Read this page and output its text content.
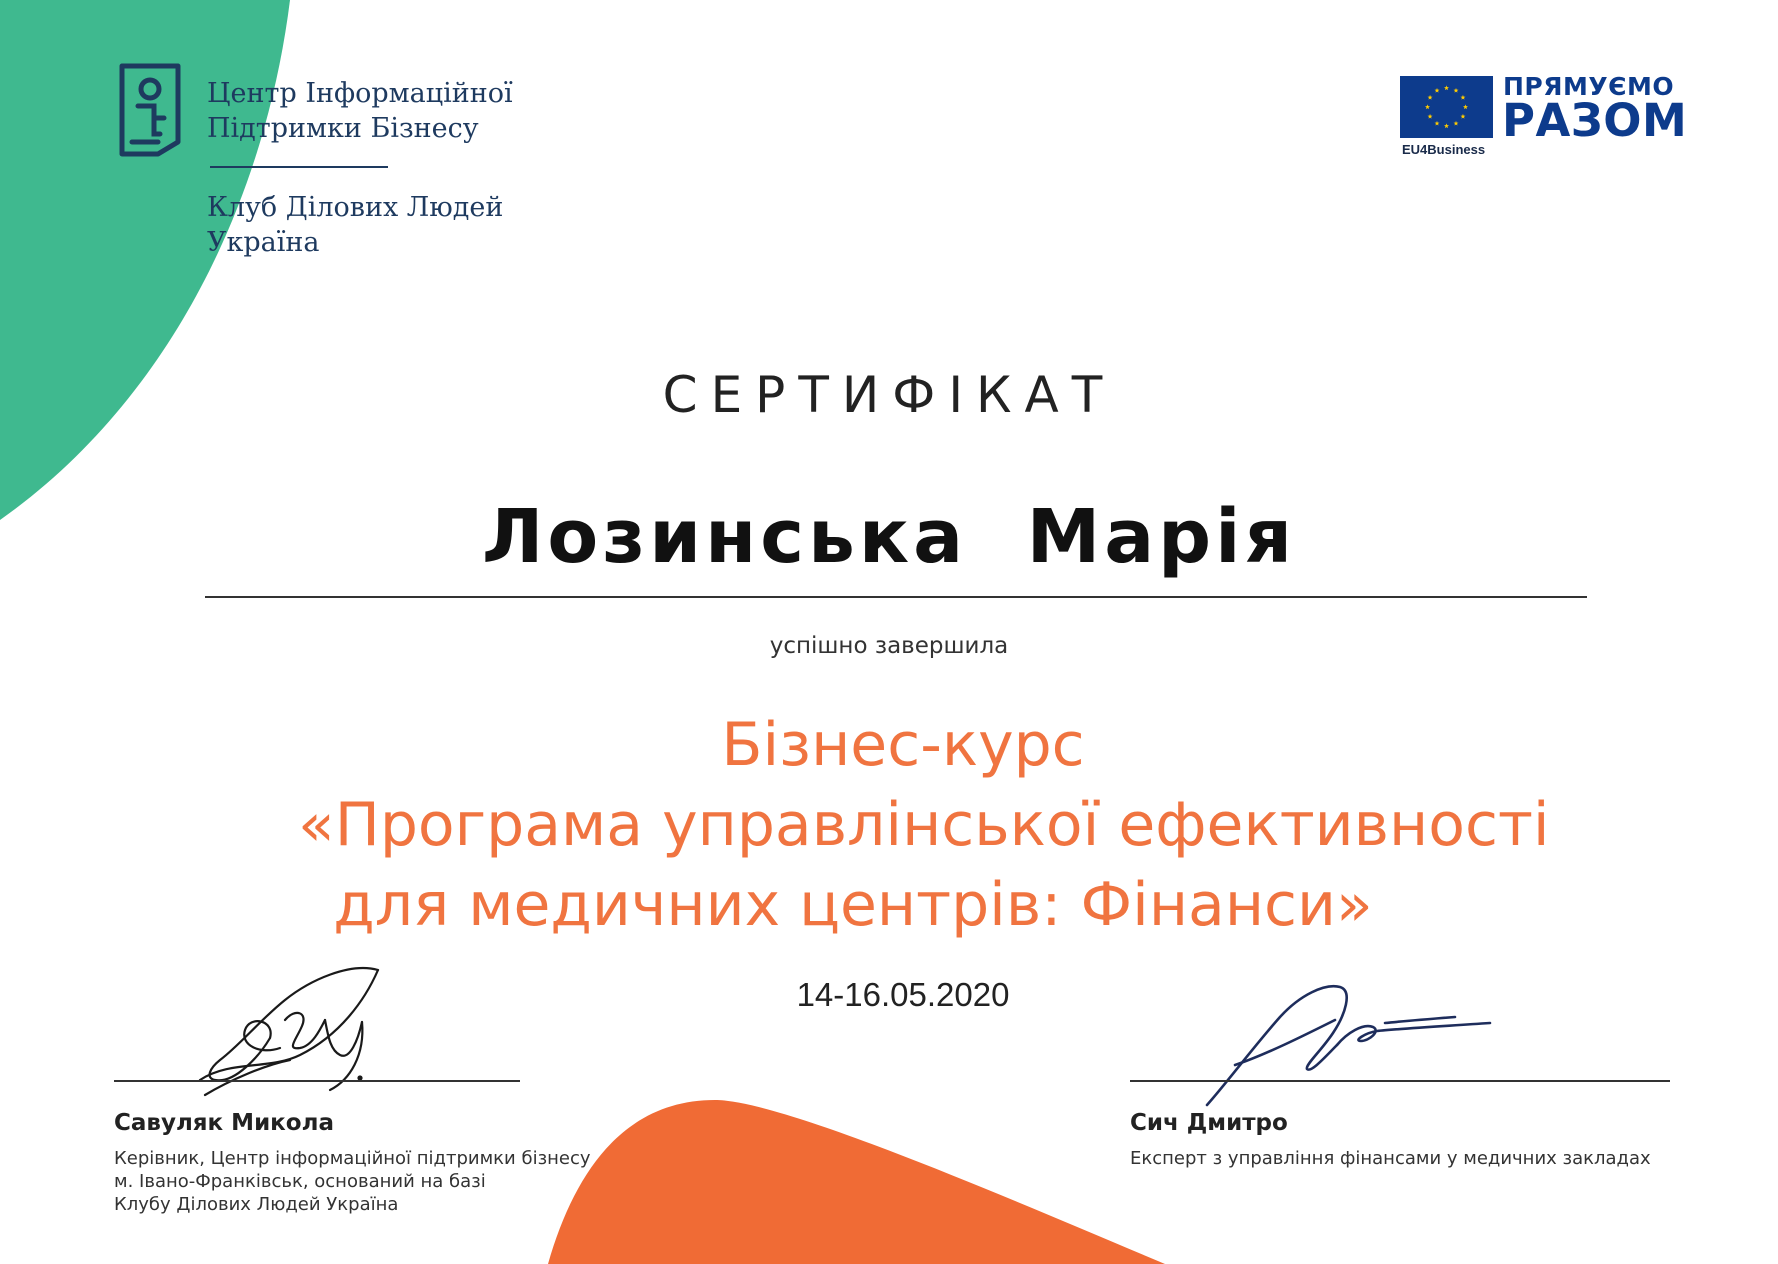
Центр Інформаційної
Підтримки Бізнесу
Клуб Ділових Людей
Україна
EU4Business
ПРЯМУЄМО
РАЗОМ
СЕРТИФІКАТ
Лозинська  Марія
успішно завершила
Бізнес-курс
«Програма управлінської ефективності
для медичних центрів: Фінанси»
14-16.05.2020
Савуляк Микола
Керівник, Центр інформаційної підтримки бізнесу
м. Івано-Франківськ, оснований на базі
Клубу Ділових Людей Україна
Сич Дмитро
Експерт з управління фінансами у медичних закладах
